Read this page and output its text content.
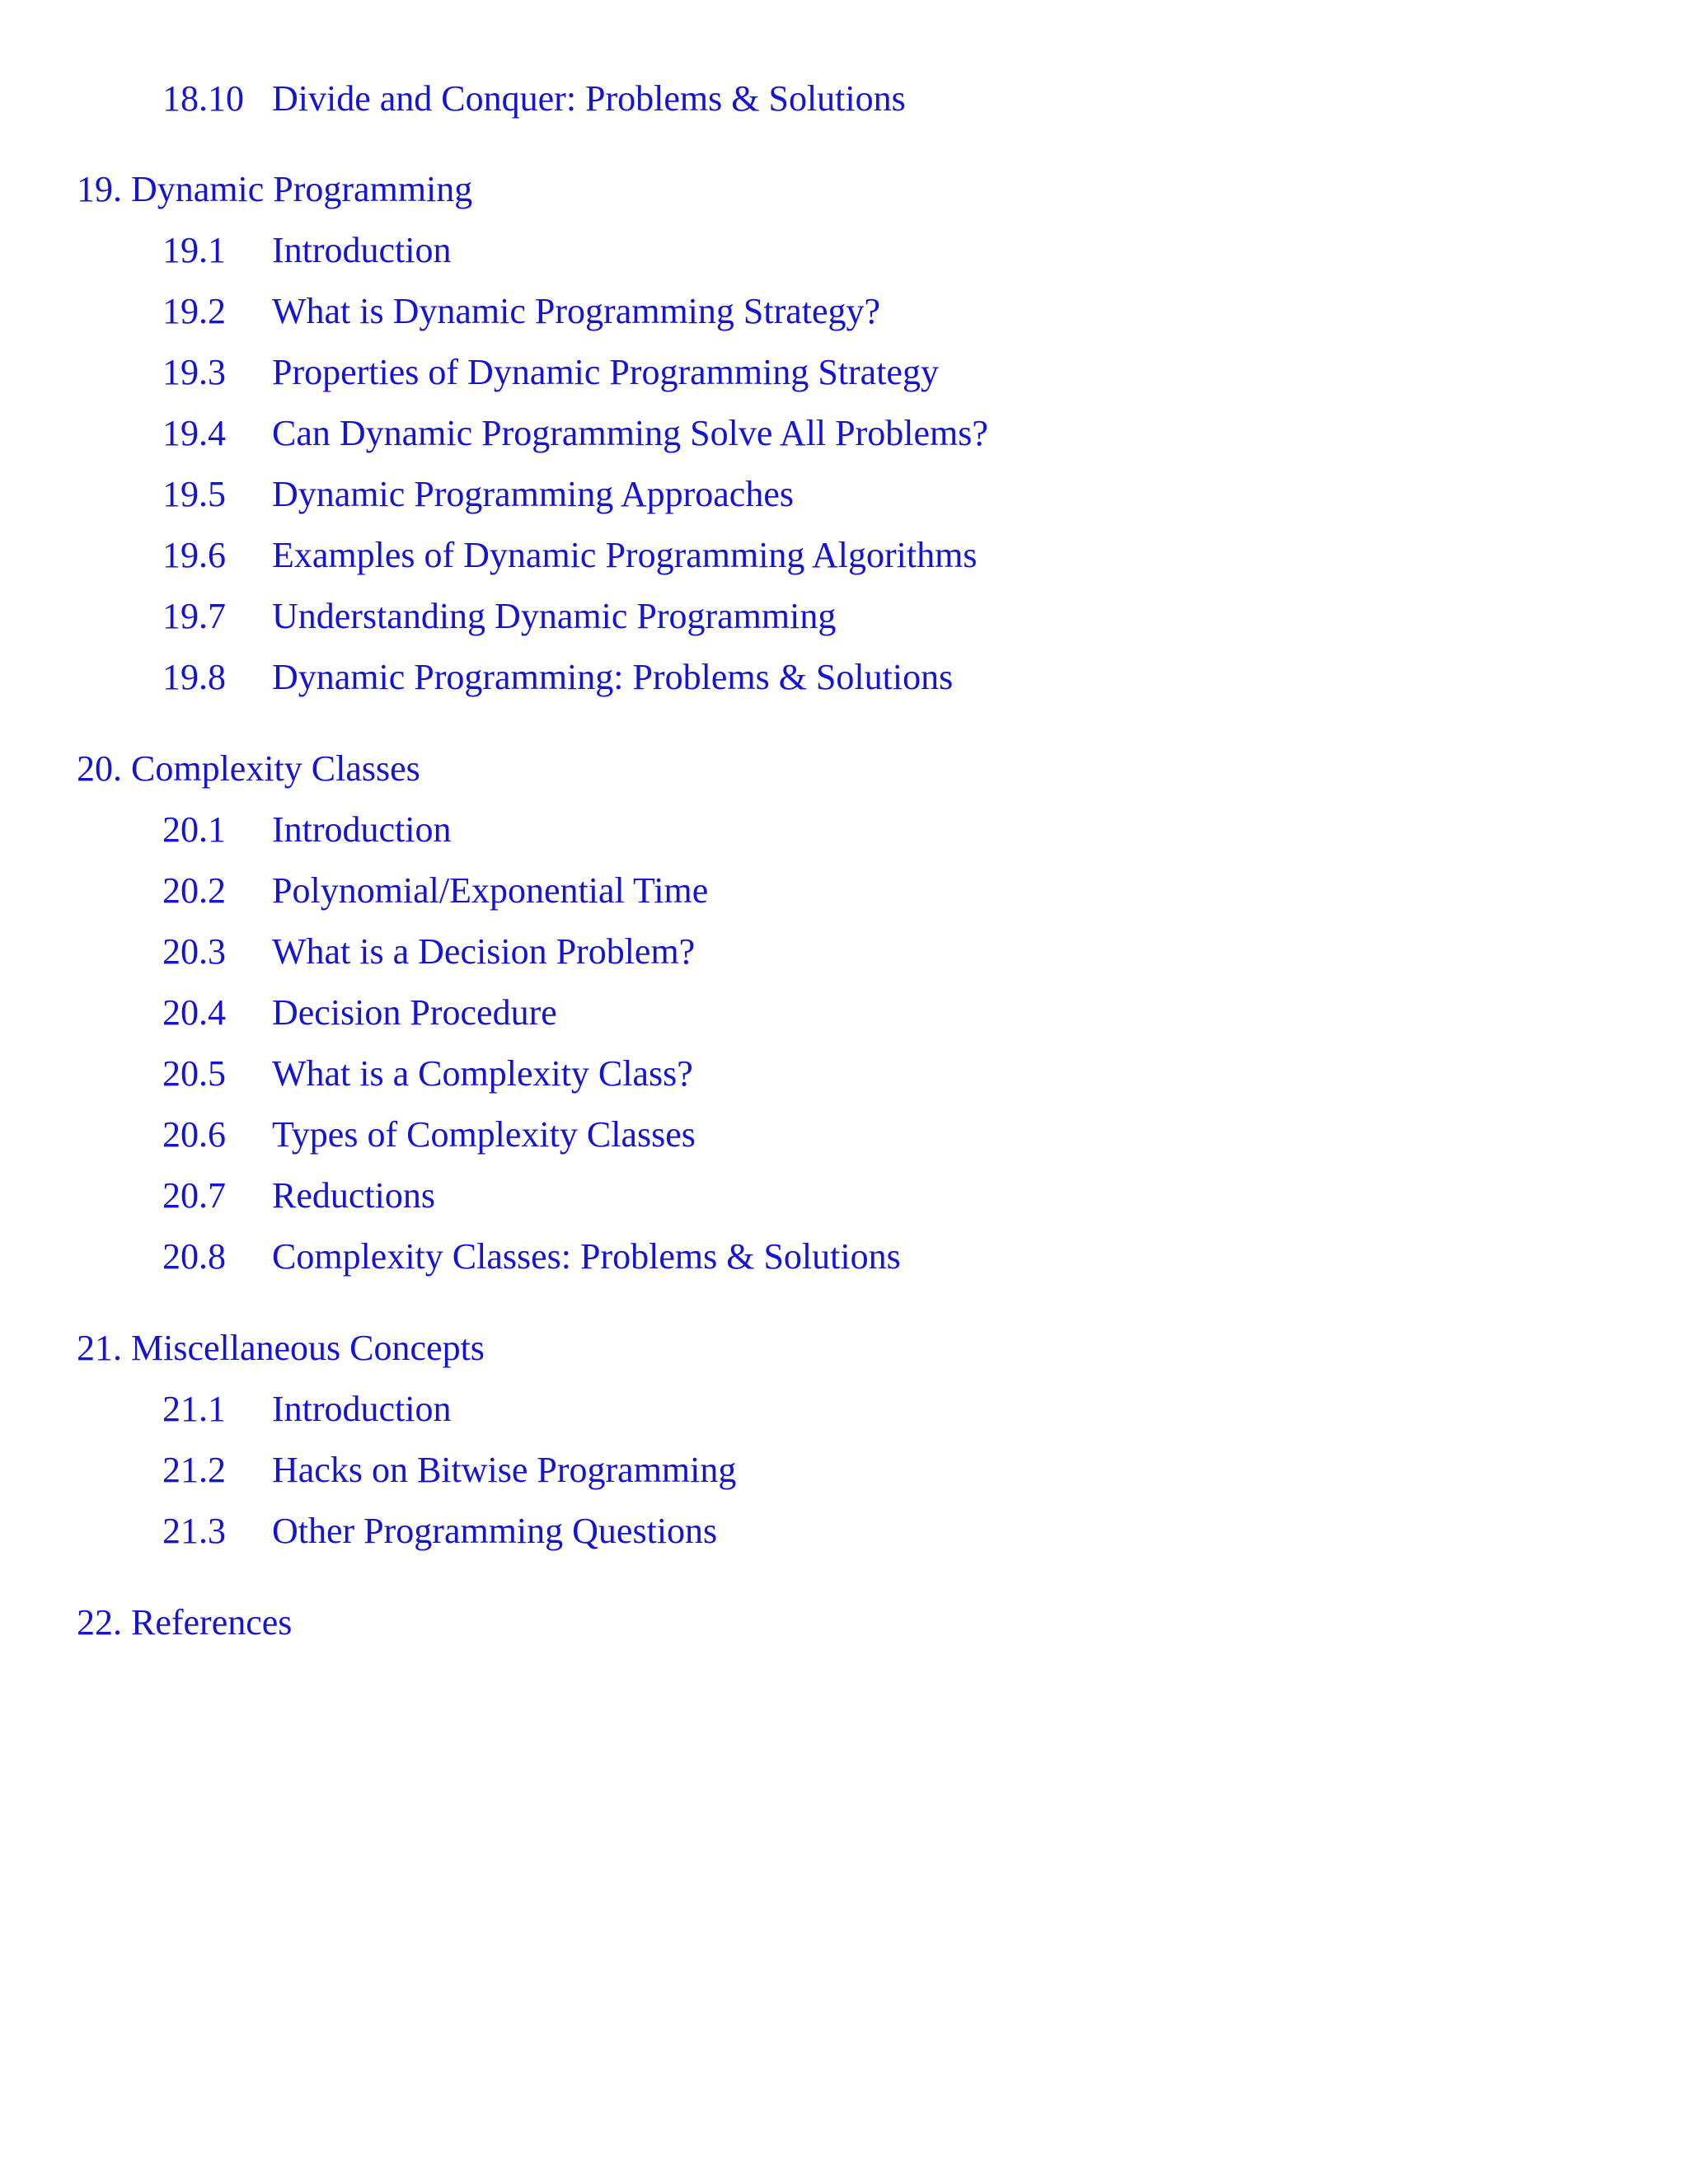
18.10 Divide and Conquer: Problems & Solutions
19. Dynamic Programming
19.1	Introduction
19.2	What is Dynamic Programming Strategy?
19.3	Properties of Dynamic Programming Strategy
19.4	Can Dynamic Programming Solve All Problems?
19.5	Dynamic Programming Approaches
19.6	Examples of Dynamic Programming Algorithms
19.7	Understanding Dynamic Programming
19.8	Dynamic Programming: Problems & Solutions
20. Complexity Classes
20.1	Introduction
20.2	Polynomial/Exponential Time
20.3	What is a Decision Problem?
20.4	Decision Procedure
20.5	What is a Complexity Class?
20.6	Types of Complexity Classes
20.7	Reductions
20.8	Complexity Classes: Problems & Solutions
21. Miscellaneous Concepts
21.1	Introduction
21.2	Hacks on Bitwise Programming
21.3	Other Programming Questions
22. References
